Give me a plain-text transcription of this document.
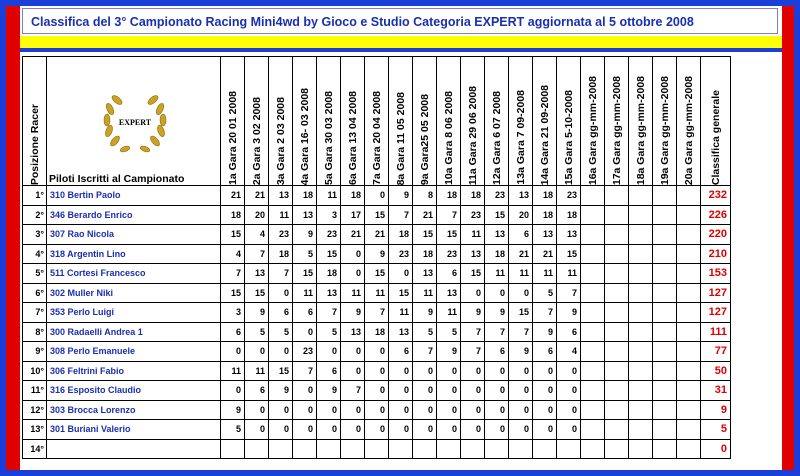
Classifica del 3° Campionato Racing Mini4wd by Gioco e Studio Categoria EXPERT aggiornata al 5 ottobre 2008
Posizione Racer	EXPERT
Piloti Iscritti al Campionato	1a Gara 20 01 2008	2a Gara 3 02 2008	3a Gara 2 03 2008	4a Gara 16- 03 2008	5a Gara 30 03 2008	6a Gara 13 04 2008	7a Gara 20 04 2008	8a Gara 11 05 2008	9a Gara25 05 2008	10a Gara 8 06 2008	11a Gara 29 06 2008	12a Gara 6 07 2008	13a Gara 7 09-2008	14a Gara 21 09-2008	15a Gara 5-10-2008	16a Gara gg-mm-2008	17a Gara gg-mm-2008	18a Gara gg-mm-2008	19a Gara gg-mm-2008	20a Gara gg-mm-2008	Classifica generale

1°	310 Bertin Paolo	21	21	13	18	11	18	0	9	8	18	18	23	13	18	23						232
2°	346 Berardo Enrico	18	20	11	13	3	17	15	7	21	7	23	15	20	18	18						226
3°	307 Rao Nicola	15	4	23	9	23	21	21	18	15	15	11	13	6	13	13						220
4°	318 Argentin Lino	4	7	18	5	15	0	9	23	18	23	13	18	21	21	15						210
5°	511 Cortesi Francesco	7	13	7	15	18	0	15	0	13	6	15	11	11	11	11						153
6°	302 Muller Niki	15	15	0	11	13	11	11	15	11	13	0	0	0	5	7						127
7°	353 Perlo Luigi	3	9	6	6	7	9	7	11	9	11	9	9	15	7	9						127
8°	300 Radaelli Andrea 1	6	5	5	0	5	13	18	13	5	5	7	7	7	9	6						111
9°	308 Perlo Emanuele	0	0	0	23	0	0	0	6	7	9	7	6	9	6	4						77
10°	306 Feltrini Fabio	11	11	15	7	6	0	0	0	0	0	0	0	0	0	0						50
11°	316 Esposito Claudio	0	6	9	0	9	7	0	0	0	0	0	0	0	0	0						31
12°	303 Brocca Lorenzo	9	0	0	0	0	0	0	0	0	0	0	0	0	0	0						9
13°	301 Buriani Valerio	5	0	0	0	0	0	0	0	0	0	0	0	0	0	0						5
14°																						0
